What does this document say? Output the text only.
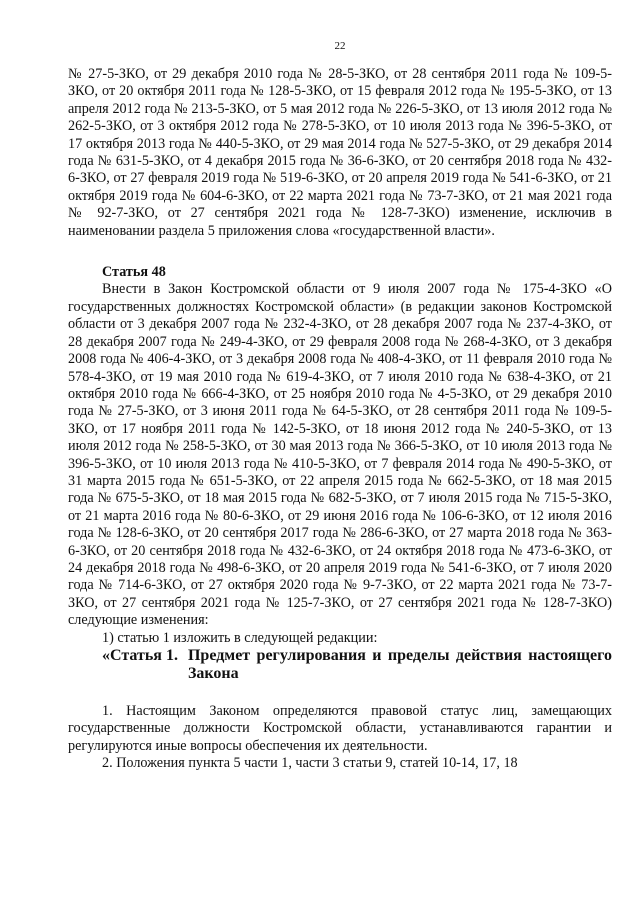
22

№ 27-5-ЗКО, от 29 декабря 2010 года № 28-5-ЗКО, от 28 сентября 2011 года № 109-5-ЗКО, от 20 октября 2011 года № 128-5-ЗКО, от 15 февраля 2012 года № 195-5-ЗКО, от 13 апреля 2012 года № 213-5-ЗКО, от 5 мая 2012 года № 226-5-ЗКО, от 13 июля 2012 года № 262-5-ЗКО, от 3 октября 2012 года № 278-5-ЗКО, от 10 июля 2013 года № 396-5-ЗКО, от 17 октября 2013 года № 440-5-ЗКО, от 29 мая 2014 года № 527-5-ЗКО, от 29 декабря 2014 года № 631-5-ЗКО, от 4 декабря 2015 года № 36-6-ЗКО, от 20 сентября 2018 года № 432-6-ЗКО, от 27 февраля 2019 года № 519-6-ЗКО, от 20 апреля 2019 года № 541-6-ЗКО, от 21 октября 2019 года № 604-6-ЗКО, от 22 марта 2021 года № 73-7-ЗКО, от 21 мая 2021 года № 92-7-ЗКО, от 27 сентября 2021 года № 128-7-ЗКО) изменение, исключив в наименовании раздела 5 приложения слова «государственной власти».

Статья 48

Внести в Закон Костромской области от 9 июля 2007 года № 175-4-ЗКО «О государственных должностях Костромской области» (в редакции законов Костромской области от 3 декабря 2007 года № 232-4-ЗКО, от 28 декабря 2007 года № 237-4-ЗКО, от 28 декабря 2007 года № 249-4-ЗКО, от 29 февраля 2008 года № 268-4-ЗКО, от 3 декабря 2008 года № 406-4-ЗКО, от 3 декабря 2008 года № 408-4-ЗКО, от 11 февраля 2010 года № 578-4-ЗКО, от 19 мая 2010 года № 619-4-ЗКО, от 7 июля 2010 года № 638-4-ЗКО, от 21 октября 2010 года № 666-4-ЗКО, от 25 ноября 2010 года № 4-5-ЗКО, от 29 декабря 2010 года № 27-5-ЗКО, от 3 июня 2011 года № 64-5-ЗКО, от 28 сентября 2011 года № 109-5-ЗКО, от 17 ноября 2011 года № 142-5-ЗКО, от 18 июня 2012 года № 240-5-ЗКО, от 13 июля 2012 года № 258-5-ЗКО, от 30 мая 2013 года № 366-5-ЗКО, от 10 июля 2013 года № 396-5-ЗКО, от 10 июля 2013 года № 410-5-ЗКО, от 7 февраля 2014 года № 490-5-ЗКО, от 31 марта 2015 года № 651-5-ЗКО, от 22 апреля 2015 года № 662-5-ЗКО, от 18 мая 2015 года № 675-5-ЗКО, от 18 мая 2015 года № 682-5-ЗКО, от 7 июля 2015 года № 715-5-ЗКО, от 21 марта 2016 года № 80-6-ЗКО, от 29 июня 2016 года № 106-6-ЗКО, от 12 июля 2016 года № 128-6-ЗКО, от 20 сентября 2017 года № 286-6-ЗКО, от 27 марта 2018 года № 363-6-ЗКО, от 20 сентября 2018 года № 432-6-ЗКО, от 24 октября 2018 года № 473-6-ЗКО, от 24 декабря 2018 года № 498-6-ЗКО, от 20 апреля 2019 года № 541-6-ЗКО, от 7 июля 2020 года № 714-6-ЗКО, от 27 октября 2020 года № 9-7-ЗКО, от 22 марта 2021 года № 73-7-ЗКО, от 27 сентября 2021 года № 125-7-ЗКО, от 27 сентября 2021 года № 128-7-ЗКО) следующие изменения:

1) статью 1 изложить в следующей редакции:

«Статья 1. Предмет регулирования и пределы действия настоящего Закона

1. Настоящим Законом определяются правовой статус лиц, замещающих государственные должности Костромской области, устанавливаются гарантии и регулируются иные вопросы обеспечения их деятельности.

2. Положения пункта 5 части 1, части 3 статьи 9, статей 10-14, 17, 18
